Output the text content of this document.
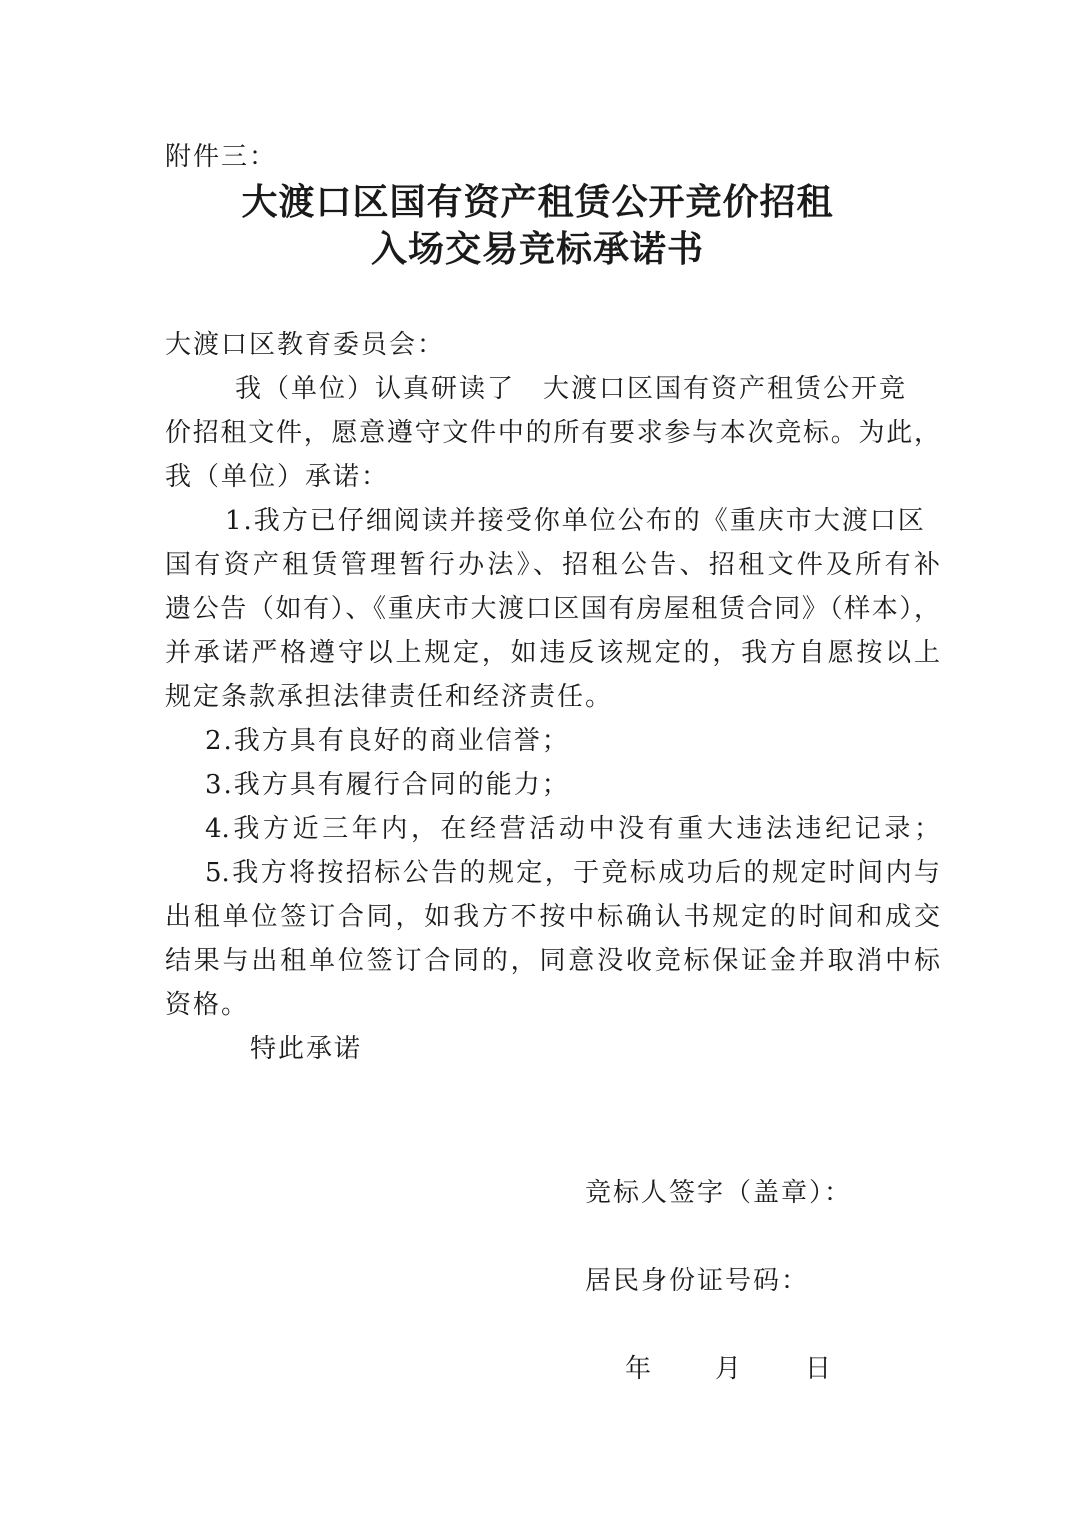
附件三：
大渡口区国有资产租赁公开竞价招租
入场交易竞标承诺书
大渡口区教育委员会：
我（单位）认真研读了　大渡口区国有资产租赁公开竞
价招租文件，愿意遵守文件中的所有要求参与本次竞标。为此，
我（单位）承诺：
1.我方已仔细阅读并接受你单位公布的《重庆市大渡口区
国有资产租赁管理暂行办法》、招租公告、招租文件及所有补
遗公告（如有）、《重庆市大渡口区国有房屋租赁合同》（样本），
并承诺严格遵守以上规定，如违反该规定的，我方自愿按以上
规定条款承担法律责任和经济责任。
2.我方具有良好的商业信誉；
3.我方具有履行合同的能力；
4.我方近三年内，在经营活动中没有重大违法违纪记录；
5.我方将按招标公告的规定，于竞标成功后的规定时间内与
出租单位签订合同，如我方不按中标确认书规定的时间和成交
结果与出租单位签订合同的，同意没收竞标保证金并取消中标
资格。
特此承诺
竞标人签字（盖章）：
居民身份证号码：
年　　月　　日
